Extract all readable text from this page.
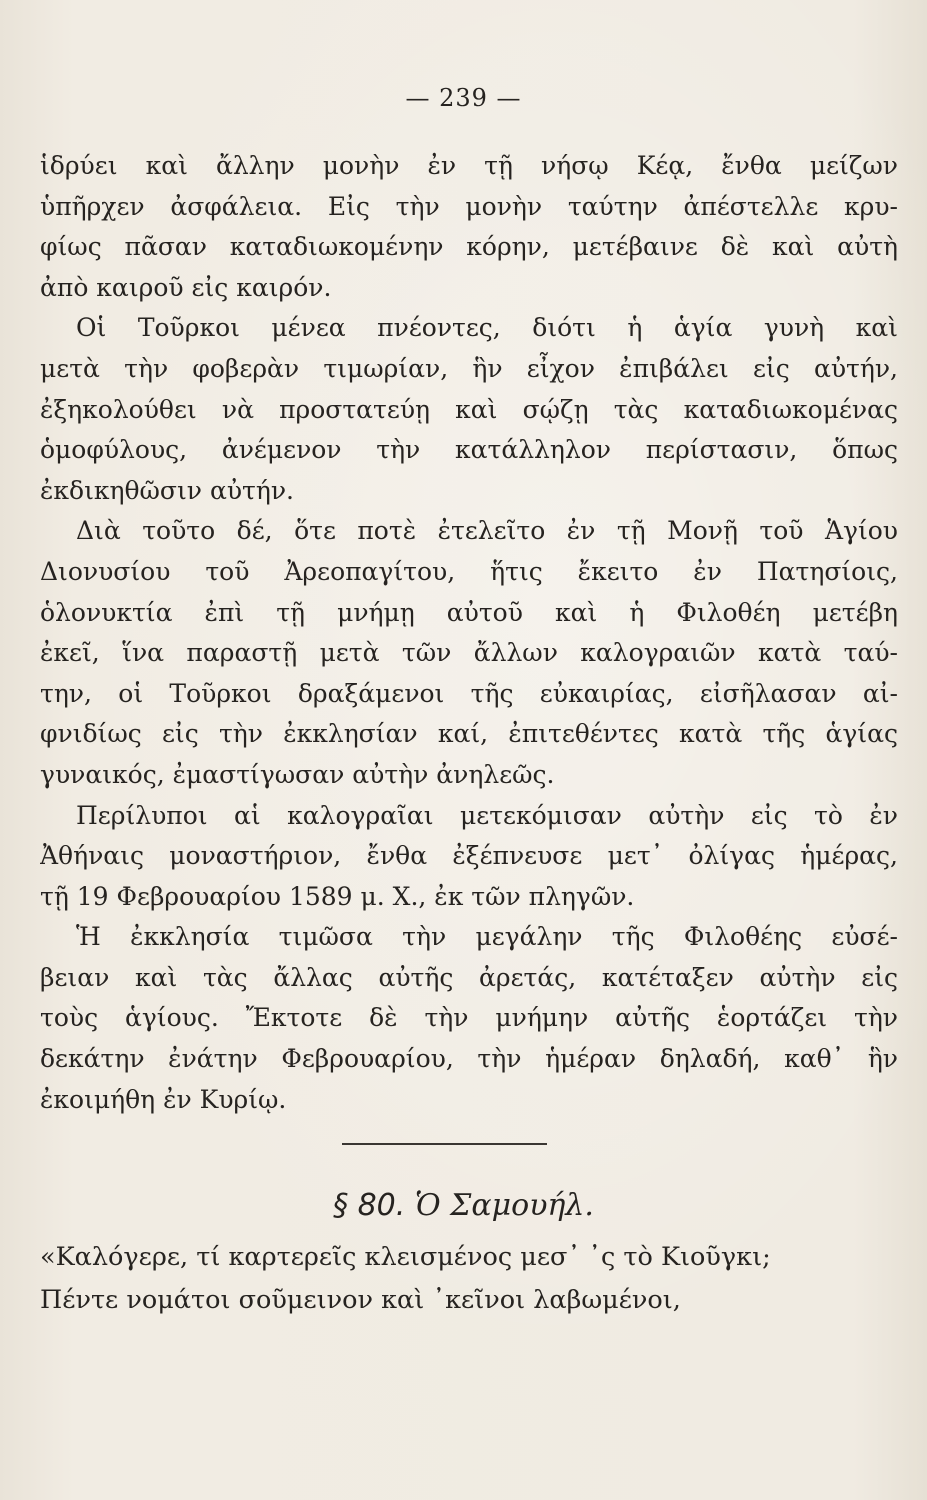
— 239 —
ἱδρύει καὶ ἄλλην μονὴν ἐν τῇ νήσῳ Κέᾳ, ἔνθα μείζων
ὑπῆρχεν ἀσφάλεια. Εἰς τὴν μονὴν ταύτην ἀπέστελλε κρυ-
φίως πᾶσαν καταδιωκομένην κόρην, μετέβαινε δὲ καὶ αὐτὴ
ἀπὸ καιροῦ εἰς καιρόν.
Οἱ Τοῦρκοι μένεα πνέοντες, διότι ἡ ἁγία γυνὴ καὶ
μετὰ τὴν φοβερὰν τιμωρίαν, ἣν εἶχον ἐπιβάλει εἰς αὐτήν,
ἐξηκολούθει νὰ προστατεύῃ καὶ σῴζῃ τὰς καταδιωκομένας
ὁμοφύλους, ἀνέμενον τὴν κατάλληλον περίστασιν, ὅπως
ἐκδικηθῶσιν αὐτήν.
Διὰ τοῦτο δέ, ὅτε ποτὲ ἐτελεῖτο ἐν τῇ Μονῇ τοῦ Ἁγίου
Διονυσίου τοῦ Ἀρεοπαγίτου, ἥτις ἔκειτο ἐν Πατησίοις,
ὁλονυκτία ἐπὶ τῇ μνήμῃ αὐτοῦ καὶ ἡ Φιλοθέη μετέβη
ἐκεῖ, ἵνα παραστῇ μετὰ τῶν ἄλλων καλογραιῶν κατὰ ταύ-
την, οἱ Τοῦρκοι δραξάμενοι τῆς εὐκαιρίας, εἰσῆλασαν αἰ-
φνιδίως εἰς τὴν ἐκκλησίαν καί, ἐπιτεθέντες κατὰ τῆς ἁγίας
γυναικός, ἐμαστίγωσαν αὐτὴν ἀνηλεῶς.
Περίλυποι αἱ καλογραῖαι μετεκόμισαν αὐτὴν εἰς τὸ ἐν
Ἀθήναις μοναστήριον, ἔνθα ἐξέπνευσε μετ᾽ ὀλίγας ἡμέρας,
τῇ 19 Φεβρουαρίου 1589 μ. Χ., ἐκ τῶν πληγῶν.
Ἡ ἐκκλησία τιμῶσα τὴν μεγάλην τῆς Φιλοθέης εὐσέ-
βειαν καὶ τὰς ἄλλας αὐτῆς ἀρετάς, κατέταξεν αὐτὴν εἰς
τοὺς ἁγίους. Ἔκτοτε δὲ τὴν μνήμην αὐτῆς ἑορτάζει τὴν
δεκάτην ἐνάτην Φεβρουαρίου, τὴν ἡμέραν δηλαδή, καθ᾽ ἣν
ἐκοιμήθη ἐν Κυρίῳ.
§ 80. Ὁ Σαμουήλ.
«Καλόγερε, τί καρτερεῖς κλεισμένος μεσ᾽ ᾽ς τὸ Κιοῦγκι;
Πέντε νομάτοι σοῦμεινον καὶ ᾽κεῖνοι λαβωμένοι,
